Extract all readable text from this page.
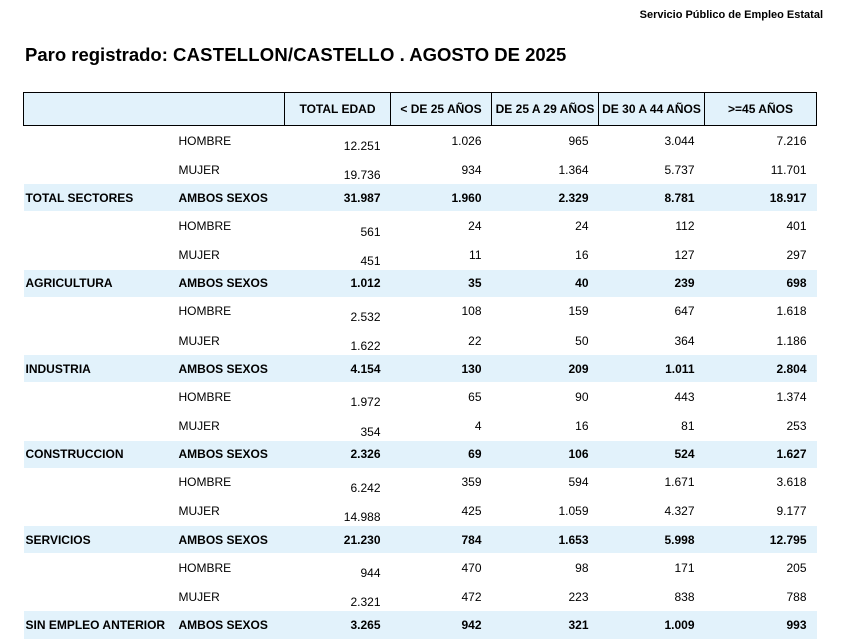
Servicio Público de Empleo Estatal
Paro registrado: CASTELLON/CASTELLO . AGOSTO DE 2025
		TOTAL EDAD	< DE 25 AÑOS	DE 25 A 29 AÑOS	DE 30 A 44 AÑOS	>=45 AÑOS
	HOMBRE	12.251	1.026	965	3.044	7.216
	MUJER	19.736	934	1.364	5.737	11.701
TOTAL SECTORES	AMBOS SEXOS	31.987	1.960	2.329	8.781	18.917
	HOMBRE	561	24	24	112	401
	MUJER	451	11	16	127	297
AGRICULTURA	AMBOS SEXOS	1.012	35	40	239	698
	HOMBRE	2.532	108	159	647	1.618
	MUJER	1.622	22	50	364	1.186
INDUSTRIA	AMBOS SEXOS	4.154	130	209	1.011	2.804
	HOMBRE	1.972	65	90	443	1.374
	MUJER	354	4	16	81	253
CONSTRUCCION	AMBOS SEXOS	2.326	69	106	524	1.627
	HOMBRE	6.242	359	594	1.671	3.618
	MUJER	14.988	425	1.059	4.327	9.177
SERVICIOS	AMBOS SEXOS	21.230	784	1.653	5.998	12.795
	HOMBRE	944	470	98	171	205
	MUJER	2.321	472	223	838	788
SIN EMPLEO ANTERIOR	AMBOS SEXOS	3.265	942	321	1.009	993
